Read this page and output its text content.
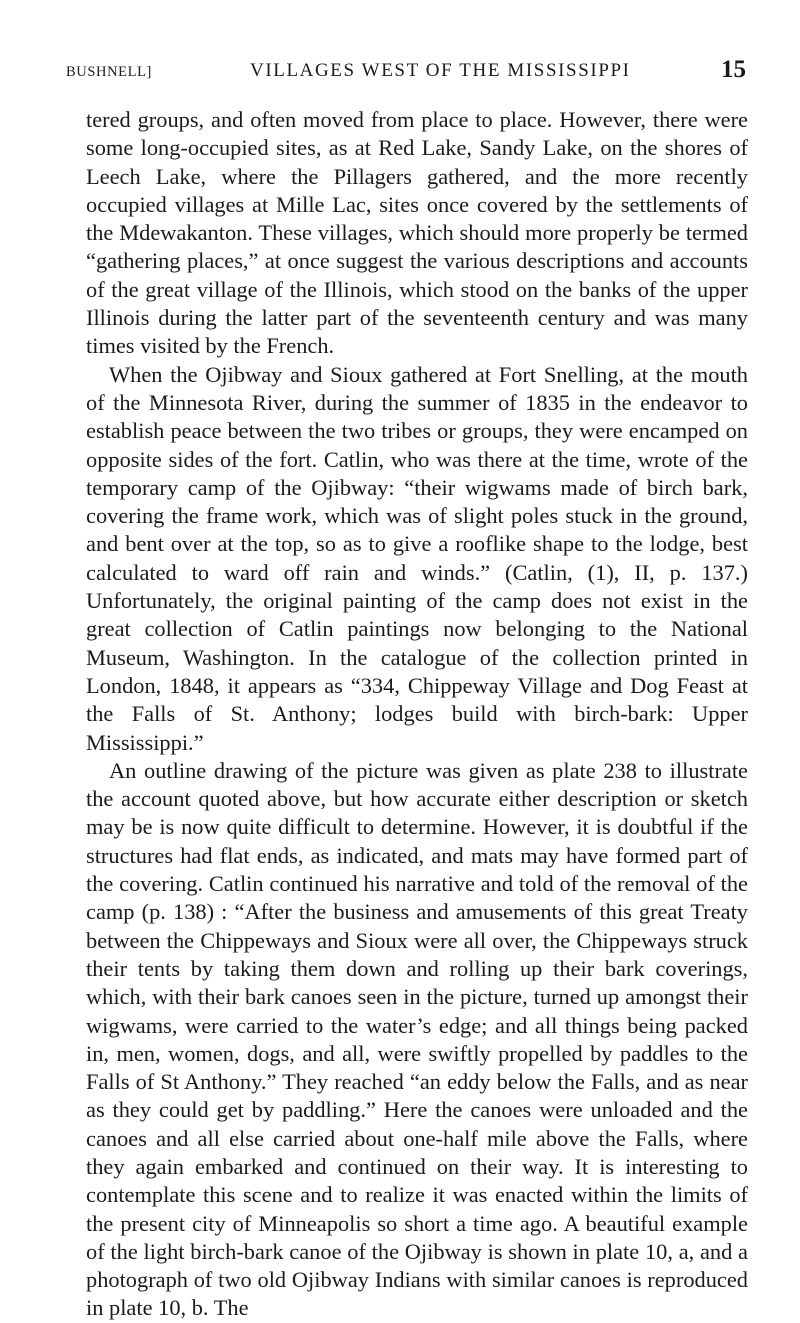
BUSHNELL]	VILLAGES WEST OF THE MISSISSIPPI	15

tered groups, and often moved from place to place. However, there were some long-occupied sites, as at Red Lake, Sandy Lake, on the shores of Leech Lake, where the Pillagers gathered, and the more recently occupied villages at Mille Lac, sites once covered by the settlements of the Mdewakanton. These villages, which should more properly be termed “gathering places,” at once suggest the various descriptions and accounts of the great village of the Illinois, which stood on the banks of the upper Illinois during the latter part of the seventeenth century and was many times visited by the French.

When the Ojibway and Sioux gathered at Fort Snelling, at the mouth of the Minnesota River, during the summer of 1835 in the endeavor to establish peace between the two tribes or groups, they were encamped on opposite sides of the fort. Catlin, who was there at the time, wrote of the temporary camp of the Ojibway: “their wigwams made of birch bark, covering the frame work, which was of slight poles stuck in the ground, and bent over at the top, so as to give a rooflike shape to the lodge, best calculated to ward off rain and winds.” (Catlin, (1), II, p. 137.) Unfortunately, the original painting of the camp does not exist in the great collection of Catlin paintings now belonging to the National Museum, Washington. In the catalogue of the collection printed in London, 1848, it appears as “334, Chippeway Village and Dog Feast at the Falls of St. Anthony; lodges build with birch-bark: Upper Mississippi.”

An outline drawing of the picture was given as plate 238 to illustrate the account quoted above, but how accurate either description or sketch may be is now quite difficult to determine. However, it is doubtful if the structures had flat ends, as indicated, and mats may have formed part of the covering. Catlin continued his narrative and told of the removal of the camp (p. 138) : “After the business and amusements of this great Treaty between the Chippeways and Sioux were all over, the Chippeways struck their tents by taking them down and rolling up their bark coverings, which, with their bark canoes seen in the picture, turned up amongst their wigwams, were carried to the water’s edge; and all things being packed in, men, women, dogs, and all, were swiftly propelled by paddles to the Falls of St Anthony.” They reached “an eddy below the Falls, and as near as they could get by paddling.” Here the canoes were unloaded and the canoes and all else carried about one-half mile above the Falls, where they again embarked and continued on their way. It is interesting to contemplate this scene and to realize it was enacted within the limits of the present city of Minneapolis so short a time ago. A beautiful example of the light birch-bark canoe of the Ojibway is shown in plate 10, a, and a photograph of two old Ojibway Indians with similar canoes is reproduced in plate 10, b. The
